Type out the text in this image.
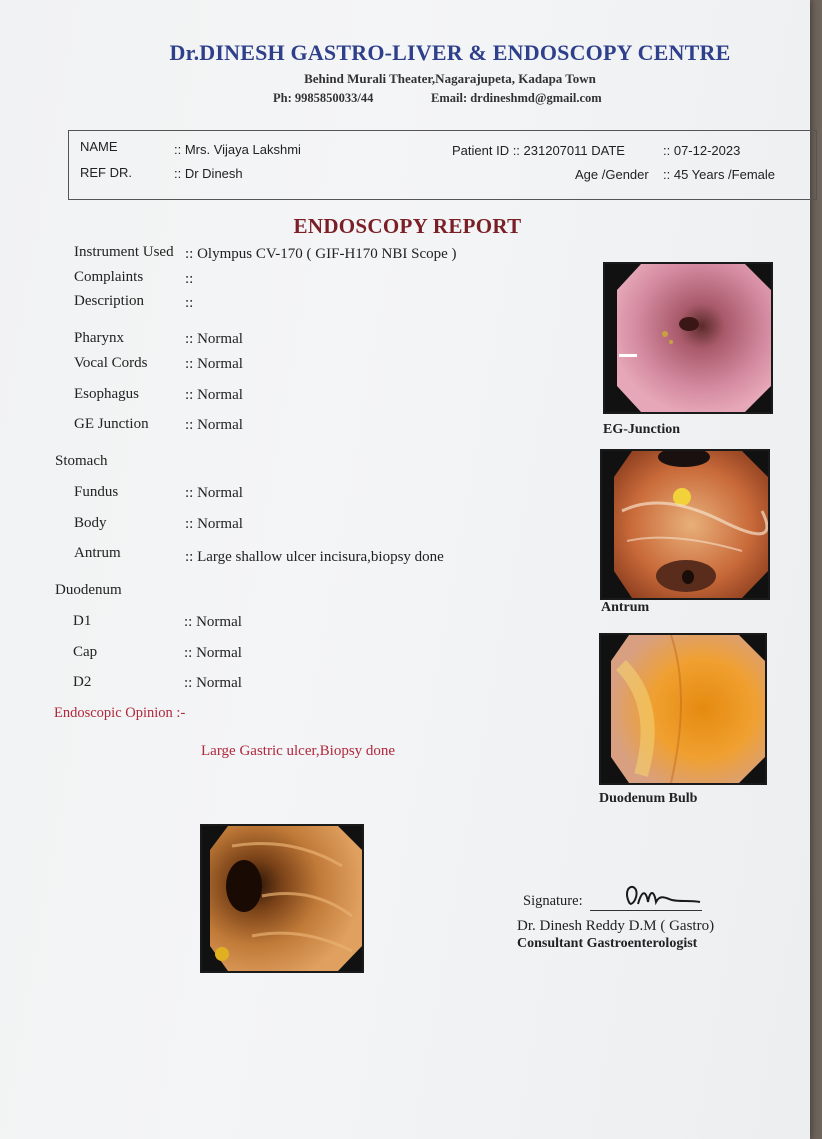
Dr.DINESH GASTRO-LIVER & ENDOSCOPY CENTRE
Behind Murali Theater,Nagarajupeta, Kadapa Town
Ph: 9985850033/44	Email: drdineshmd@gmail.com
NAME	:: Mrs. Vijaya Lakshmi
REF DR.	:: Dr Dinesh
Patient ID :: 231207011 DATE	:: 07-12-2023
Age /Gender :: 45 Years /Female
ENDOSCOPY REPORT
Instrument Used :: Olympus CV-170 ( GIF-H170 NBI Scope )
Complaints	::
Description	::
Pharynx	:: Normal
Vocal Cords	:: Normal
Esophagus	:: Normal
GE Junction :: Normal
Stomach
Fundus	:: Normal
Body	:: Normal
Antrum	:: Large shallow ulcer incisura,biopsy done
Duodenum
D1	:: Normal
Cap	:: Normal
D2	:: Normal
Endoscopic Opinion :-
Large Gastric ulcer,Biopsy done
EG-Junction
Antrum
Duodenum Bulb
Signature:
Dr. Dinesh Reddy D.M ( Gastro)
Consultant Gastroenterologist
